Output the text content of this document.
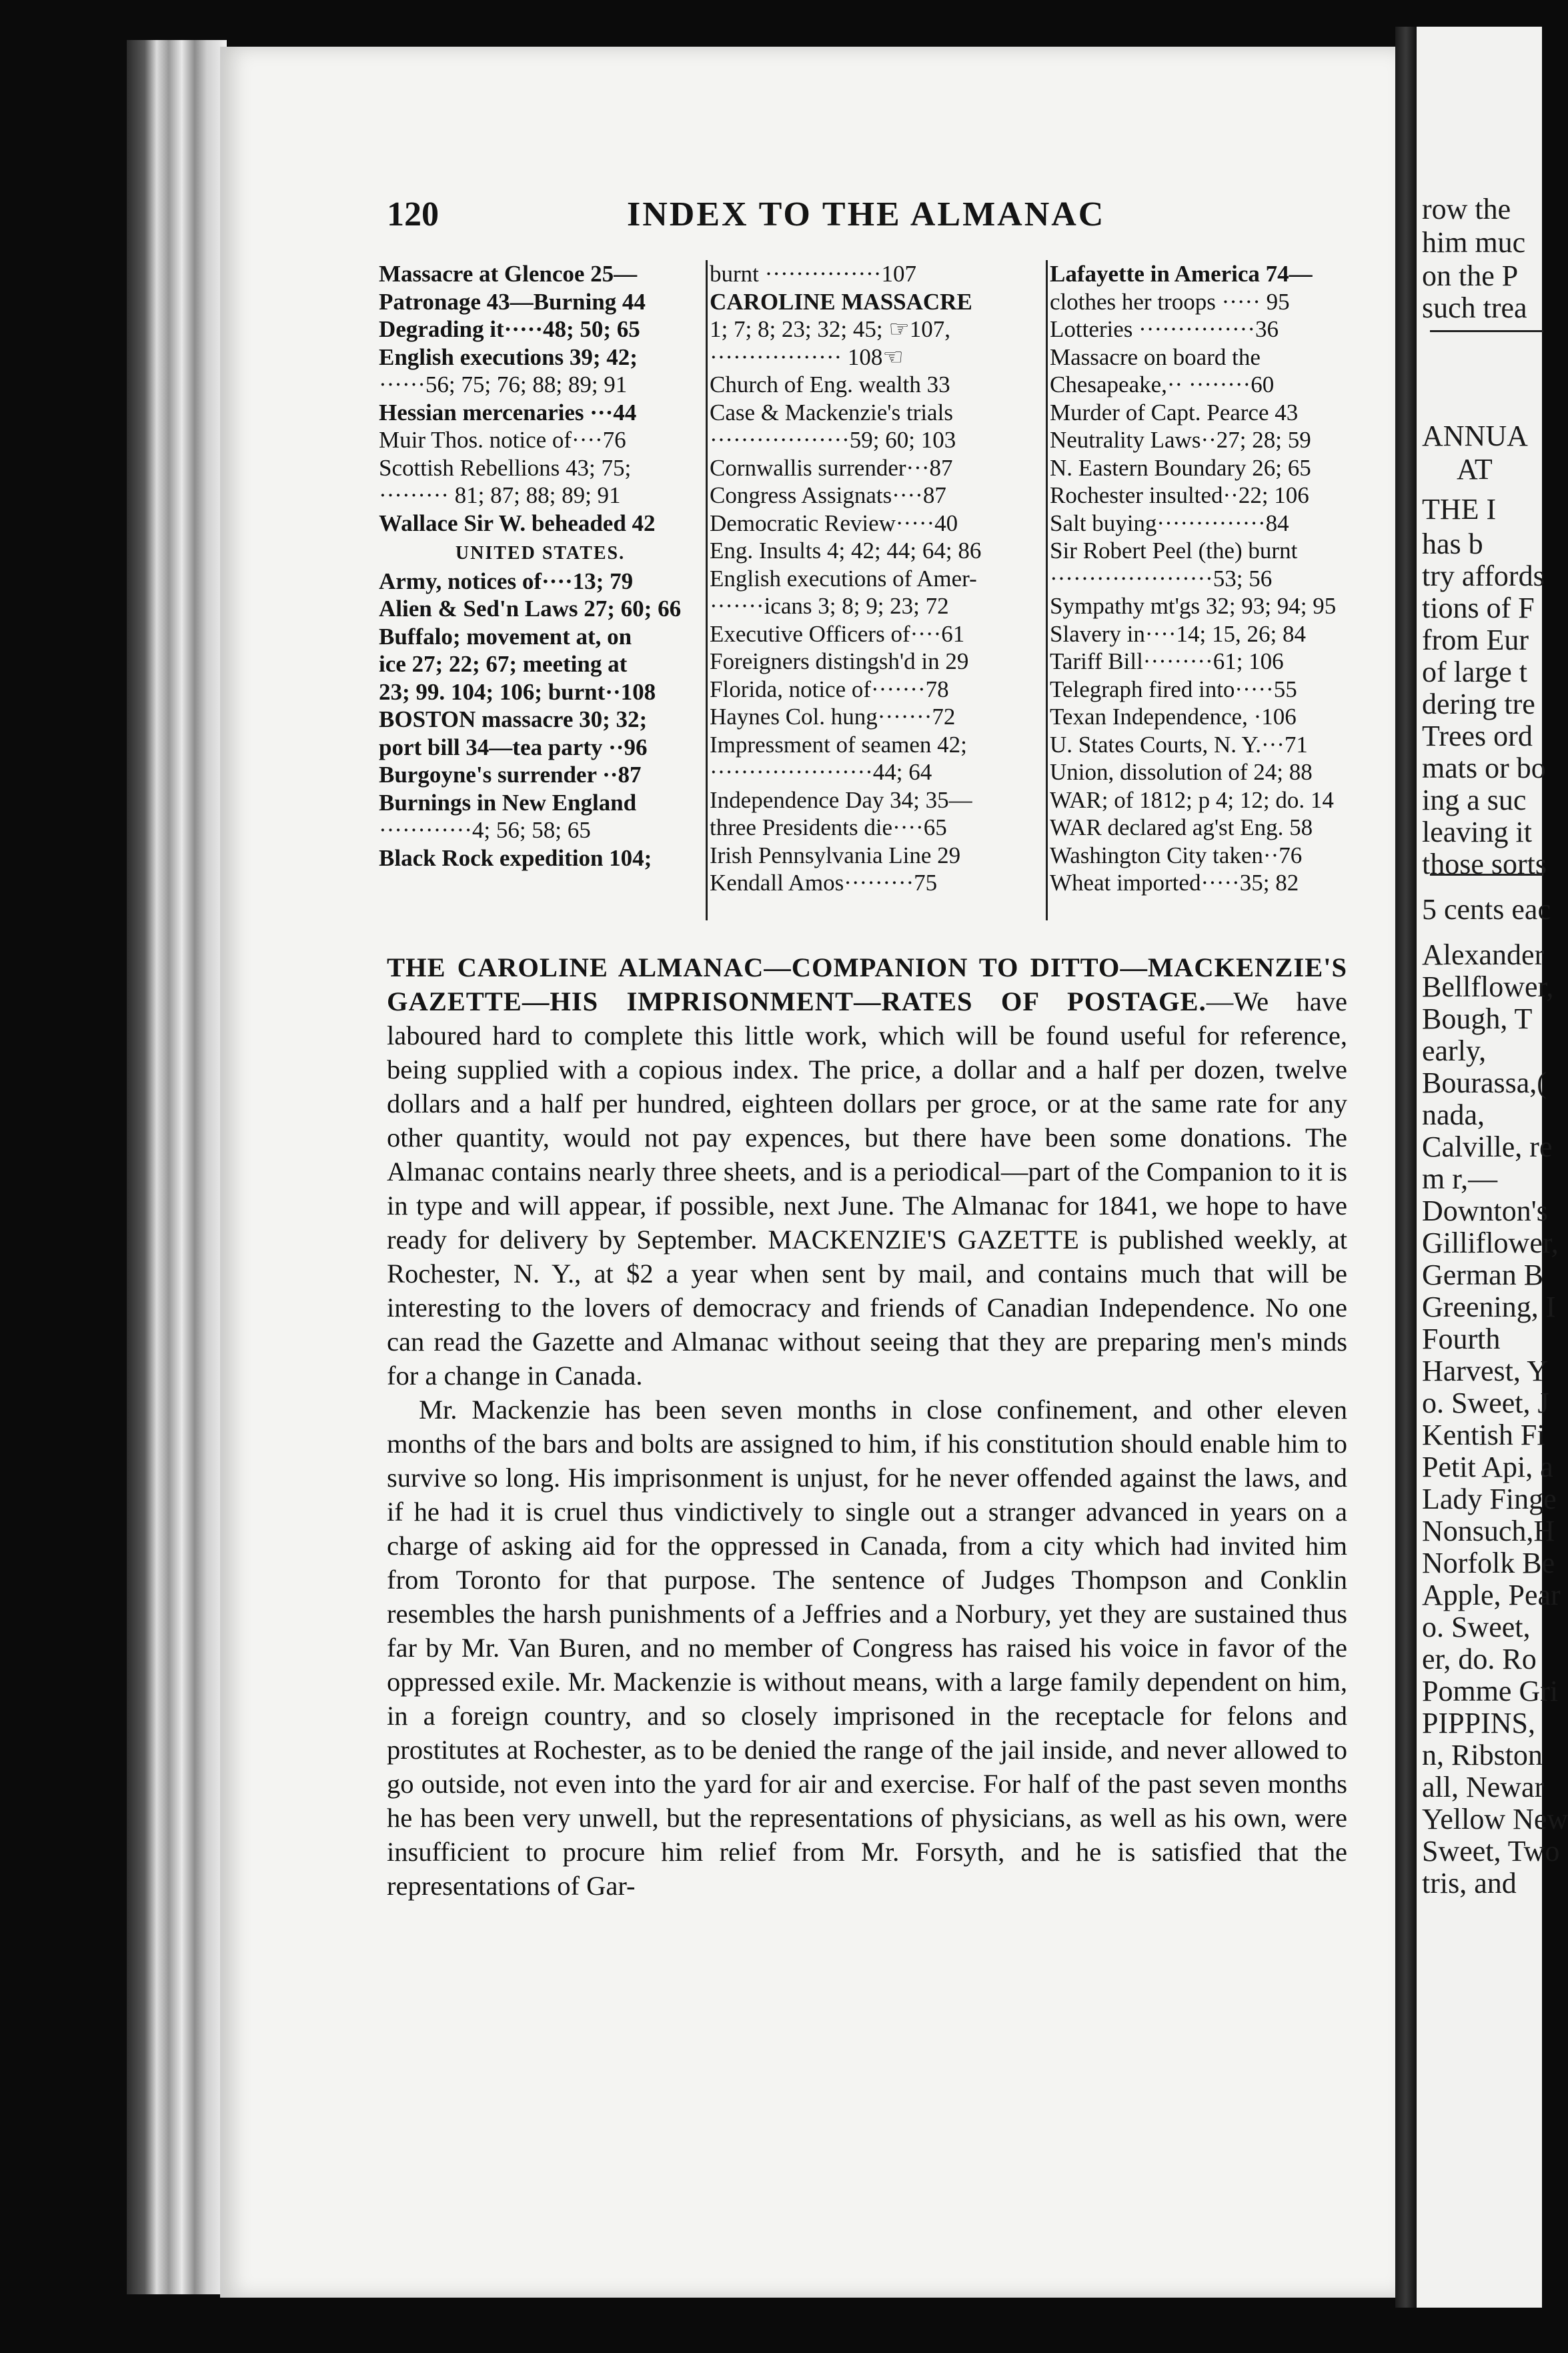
120	INDEX TO THE ALMANAC
Massacre at Glencoe 25—
Patronage 43—Burning 44
Degrading it·····48; 50; 65
English executions 39; 42;
······56; 75; 76; 88; 89; 91
Hessian mercenaries ···44
Muir Thos. notice of····76
Scottish Rebellions 43; 75;
········· 81; 87; 88; 89; 91
Wallace Sir W. beheaded 42
UNITED STATES.
Army, notices of····13; 79
Alien & Sed'n Laws 27; 60; 66
Buffalo; movement at, on
ice 27; 22; 67; meeting at
23; 99. 104; 106; burnt··108
BOSTON massacre 30; 32;
port bill 34—tea party ··96
Burgoyne's surrender ··87
Burnings in New England
············4; 56; 58; 65
Black Rock expedition 104;
burnt ···············107
CAROLINE MASSACRE
1; 7; 8; 23; 32; 45; ☞107,
················· 108☜
Church of Eng. wealth 33
Case & Mackenzie's trials
··················59; 60; 103
Cornwallis surrender···87
Congress Assignats····87
Democratic Review·····40
Eng. Insults 4; 42; 44; 64; 86
English executions of Amer-
·······icans 3; 8; 9; 23; 72
Executive Officers of····61
Foreigners distingsh'd in 29
Florida, notice of·······78
Haynes Col. hung·······72
Impressment of seamen 42;
·····················44; 64
Independence Day 34; 35—
three Presidents die····65
Irish Pennsylvania Line 29
Kendall Amos·········75
Lafayette in America 74—
clothes her troops ····· 95
Lotteries ···············36
Massacre on board the
Chesapeake,·· ········60
Murder of Capt. Pearce 43
Neutrality Laws··27; 28; 59
N. Eastern Boundary 26; 65
Rochester insulted··22; 106
Salt buying··············84
Sir Robert Peel (the) burnt
·····················53; 56
Sympathy mt'gs 32; 93; 94; 95
Slavery in····14; 15, 26; 84
Tariff Bill·········61; 106
Telegraph fired into·····55
Texan Independence, ·106
U. States Courts, N. Y.···71
Union, dissolution of 24; 88
WAR; of 1812; p 4; 12; do. 14
WAR declared ag'st Eng. 58
Washington City taken··76
Wheat imported·····35; 82

THE CAROLINE ALMANAC—COMPANION TO DITTO—MACKENZIE'S GAZETTE—HIS IMPRISONMENT—RATES OF POSTAGE.—We have laboured hard to complete this little work, which will be found useful for reference, being supplied with a copious index. The price, a dollar and a half per dozen, twelve dollars and a half per hundred, eighteen dollars per groce, or at the same rate for any other quantity, would not pay expences, but there have been some donations. The Almanac contains nearly three sheets, and is a periodical—part of the Companion to it is in type and will appear, if possible, next June. The Almanac for 1841, we hope to have ready for delivery by September. MACKENZIE'S GAZETTE is published weekly, at Rochester, N. Y., at $2 a year when sent by mail, and contains much that will be interesting to the lovers of democracy and friends of Canadian Independence. No one can read the Gazette and Almanac without seeing that they are preparing men's minds for a change in Canada.

Mr. Mackenzie has been seven months in close confinement, and other eleven months of the bars and bolts are assigned to him, if his constitution should enable him to survive so long. His imprisonment is unjust, for he never offended against the laws, and if he had it is cruel thus vindictively to single out a stranger advanced in years on a charge of asking aid for the oppressed in Canada, from a city which had invited him from Toronto for that purpose. The sentence of Judges Thompson and Conklin resembles the harsh punishments of a Jeffries and a Norbury, yet they are sustained thus far by Mr. Van Buren, and no member of Congress has raised his voice in favor of the oppressed exile. Mr. Mackenzie is without means, with a large family dependent on him, in a foreign country, and so closely imprisoned in the receptacle for felons and prostitutes at Rochester, as to be denied the range of the jail inside, and never allowed to go outside, not even into the yard for air and exercise. For half of the past seven months he has been very unwell, but the representations of physicians, as well as his own, were insufficient to procure him relief from Mr. Forsyth, and he is satisfied that the representations of Gar-

row the
him muc
on the P
such trea
ANNUA
AT
THE I
has b
try affords
tions of F
from Eur
of large t
dering tre
Trees ord
mats or bo
ing a suc
leaving it
those sorts
5 cents eac
Alexander
Bellflower,
Bough, T
early,
Bourassa,(
nada,
Calville, re
m r,—
Downton's
Gilliflower,
German B
Greening, I
Fourth
Harvest, Y
o. Sweet, J
Kentish Fi
Petit Api, a
Lady Finge
Nonsuch,H
Norfolk Be
Apple, Pear
o. Sweet,
er, do. Ro
Pomme Gri
PIPPINS,
n, Ribston
all, Newar
Yellow New
Sweet, Two
tris, and
